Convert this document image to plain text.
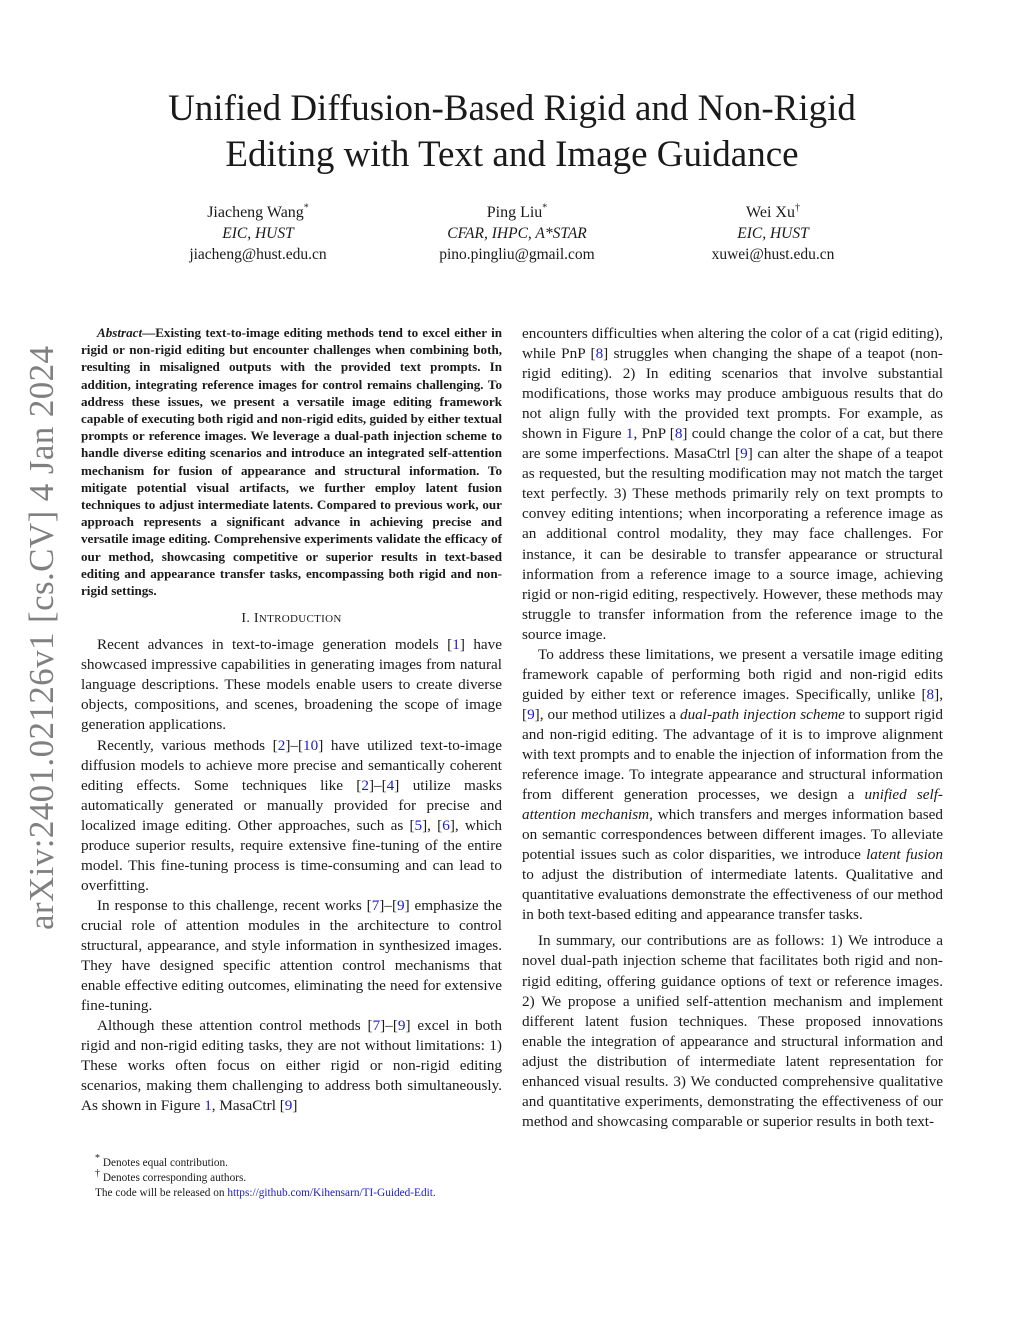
arXiv:2401.02126v1 [cs.CV] 4 Jan 2024
Unified Diffusion-Based Rigid and Non-Rigid
Editing with Text and Image Guidance
Jiacheng Wang*
EIC, HUST
jiacheng@hust.edu.cn
Ping Liu*
CFAR, IHPC, A*STAR
pino.pingliu@gmail.com
Wei Xu†
EIC, HUST
xuwei@hust.edu.cn

Abstract—Existing text-to-image editing methods tend to excel either in rigid or non-rigid editing but encounter challenges when combining both, resulting in misaligned outputs with the provided text prompts. In addition, integrating reference images for control remains challenging. To address these issues, we present a versatile image editing framework capable of executing both rigid and non-rigid edits, guided by either textual prompts or reference images. We leverage a dual-path injection scheme to handle diverse editing scenarios and introduce an integrated self-attention mechanism for fusion of appearance and structural information. To mitigate potential visual artifacts, we further employ latent fusion techniques to adjust intermediate latents. Compared to previous work, our approach represents a significant advance in achieving precise and versatile image editing. Comprehensive experiments validate the efficacy of our method, showcasing competitive or superior results in text-based editing and appearance transfer tasks, encompassing both rigid and non-rigid settings.

I. INTRODUCTION

Recent advances in text-to-image generation models [1] have showcased impressive capabilities in generating images from natural language descriptions. These models enable users to create diverse objects, compositions, and scenes, broadening the scope of image generation applications.

Recently, various methods [2]–[10] have utilized text-to-image diffusion models to achieve more precise and semantically coherent editing effects. Some techniques like [2]–[4] utilize masks automatically generated or manually provided for precise and localized image editing. Other approaches, such as [5], [6], which produce superior results, require extensive fine-tuning of the entire model. This fine-tuning process is time-consuming and can lead to overfitting.

In response to this challenge, recent works [7]–[9] emphasize the crucial role of attention modules in the architecture to control structural, appearance, and style information in synthesized images. They have designed specific attention control mechanisms that enable effective editing outcomes, eliminating the need for extensive fine-tuning.

Although these attention control methods [7]–[9] excel in both rigid and non-rigid editing tasks, they are not without limitations: 1) These works often focus on either rigid or non-rigid editing scenarios, making them challenging to address both simultaneously. As shown in Figure 1, MasaCtrl [9]

encounters difficulties when altering the color of a cat (rigid editing), while PnP [8] struggles when changing the shape of a teapot (non-rigid editing). 2) In editing scenarios that involve substantial modifications, those works may produce ambiguous results that do not align fully with the provided text prompts. For example, as shown in Figure 1, PnP [8] could change the color of a cat, but there are some imperfections. MasaCtrl [9] can alter the shape of a teapot as requested, but the resulting modification may not match the target text perfectly. 3) These methods primarily rely on text prompts to convey editing intentions; when incorporating a reference image as an additional control modality, they may face challenges. For instance, it can be desirable to transfer appearance or structural information from a reference image to a source image, achieving rigid or non-rigid editing, respectively. However, these methods may struggle to transfer information from the reference image to the source image.

To address these limitations, we present a versatile image editing framework capable of performing both rigid and non-rigid edits guided by either text or reference images. Specifically, unlike [8], [9], our method utilizes a dual-path injection scheme to support rigid and non-rigid editing. The advantage of it is to improve alignment with text prompts and to enable the injection of information from the reference image. To integrate appearance and structural information from different generation processes, we design a unified self-attention mechanism, which transfers and merges information based on semantic correspondences between different images. To alleviate potential issues such as color disparities, we introduce latent fusion to adjust the distribution of intermediate latents. Qualitative and quantitative evaluations demonstrate the effectiveness of our method in both text-based editing and appearance transfer tasks.

In summary, our contributions are as follows: 1) We introduce a novel dual-path injection scheme that facilitates both rigid and non-rigid editing, offering guidance options of text or reference images. 2) We propose a unified self-attention mechanism and implement different latent fusion techniques. These proposed innovations enable the integration of appearance and structural information and adjust the distribution of intermediate latent representation for enhanced visual results. 3) We conducted comprehensive qualitative and quantitative experiments, demonstrating the effectiveness of our method and showcasing comparable or superior results in both text-

* Denotes equal contribution.
† Denotes corresponding authors.
The code will be released on https://github.com/Kihensarn/TI-Guided-Edit.
